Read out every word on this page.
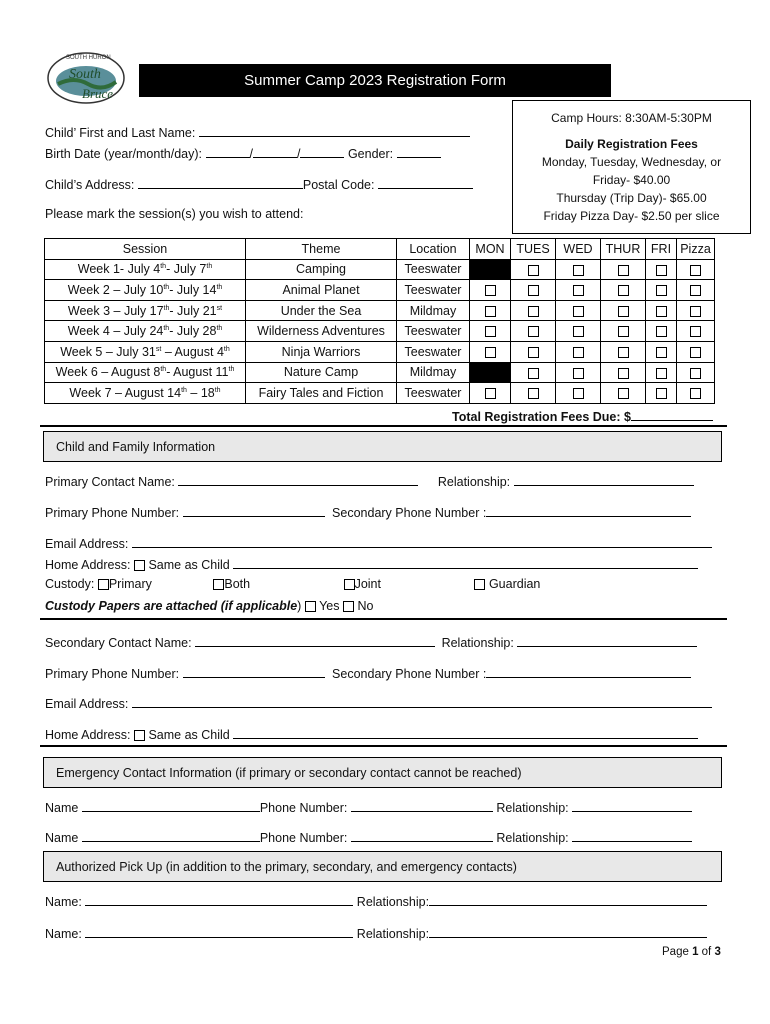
South
Bruce
SOUTH HURON
Summer Camp 2023 Registration Form
Camp Hours: 8:30AM-5:30PM
Daily Registration Fees
Monday, Tuesday, Wednesday, or
Friday- $40.00
Thursday (Trip Day)- $65.00
Friday Pizza Day- $2.50 per slice
Child’ First and Last Name:
Birth Date (year/month/day):	/	/	Gender:
Child’s Address:	Postal Code:
Please mark the session(s) you wish to attend:
Session	Theme	Location	MON	TUES	WED	THUR	FRI	Pizza
Week 1- July 4th- July 7th	Camping	Teeswater						
Week 2 – July 10th- July 14th	Animal Planet	Teeswater						
Week 3 – July 17th- July 21st	Under the Sea	Mildmay						
Week 4 – July 24th- July 28th	Wilderness Adventures	Teeswater						
Week 5 – July 31st – August 4th	Ninja Warriors	Teeswater						
Week 6 – August 8th- August 11th	Nature Camp	Mildmay						
Week 7 – August 14th – 18th	Fairy Tales and Fiction	Teeswater						
Total Registration Fees Due: $
Child and Family Information
Primary Contact Name:	Relationship:
Primary Phone Number:	Secondary Phone Number :
Email Address:
Home Address: Same as Child
Custody: Primary	Both	Joint	Guardian
Custody Papers are attached (if applicable) Yes No
Secondary Contact Name:	Relationship:
Primary Phone Number:	Secondary Phone Number :
Email Address:
Home Address: Same as Child
Emergency Contact Information (if primary or secondary contact cannot be reached)
Name	Phone Number:	Relationship:
Name	Phone Number:	Relationship:
Authorized Pick Up (in addition to the primary, secondary, and emergency contacts)
Name:	Relationship:
Name:	Relationship:
Page 1 of 3
